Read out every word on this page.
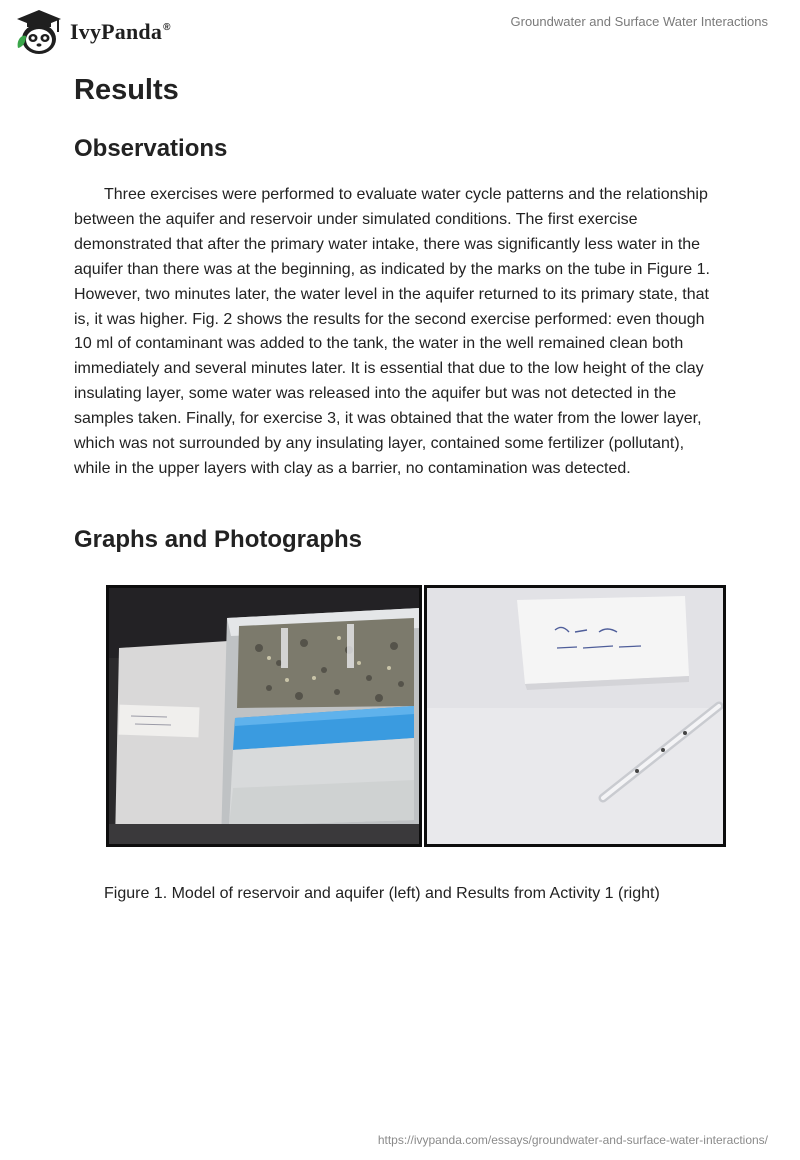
IvyPanda®	Groundwater and Surface Water Interactions
Results
Observations

Three exercises were performed to evaluate water cycle patterns and the relationship between the aquifer and reservoir under simulated conditions. The first exercise demonstrated that after the primary water intake, there was significantly less water in the aquifer than there was at the beginning, as indicated by the marks on the tube in Figure 1. However, two minutes later, the water level in the aquifer returned to its primary state, that is, it was higher. Fig. 2 shows the results for the second exercise performed: even though 10 ml of contaminant was added to the tank, the water in the well remained clean both immediately and several minutes later. It is essential that due to the low height of the clay insulating layer, some water was released into the aquifer but was not detected in the samples taken. Finally, for exercise 3, it was obtained that the water from the lower layer, which was not surrounded by any insulating layer, contained some fertilizer (pollutant), while in the upper layers with clay as a barrier, no contamination was detected.

Graphs and Photographs

Figure 1. Model of reservoir and aquifer (left) and Results from Activity 1 (right)

https://ivypanda.com/essays/groundwater-and-surface-water-interactions/
